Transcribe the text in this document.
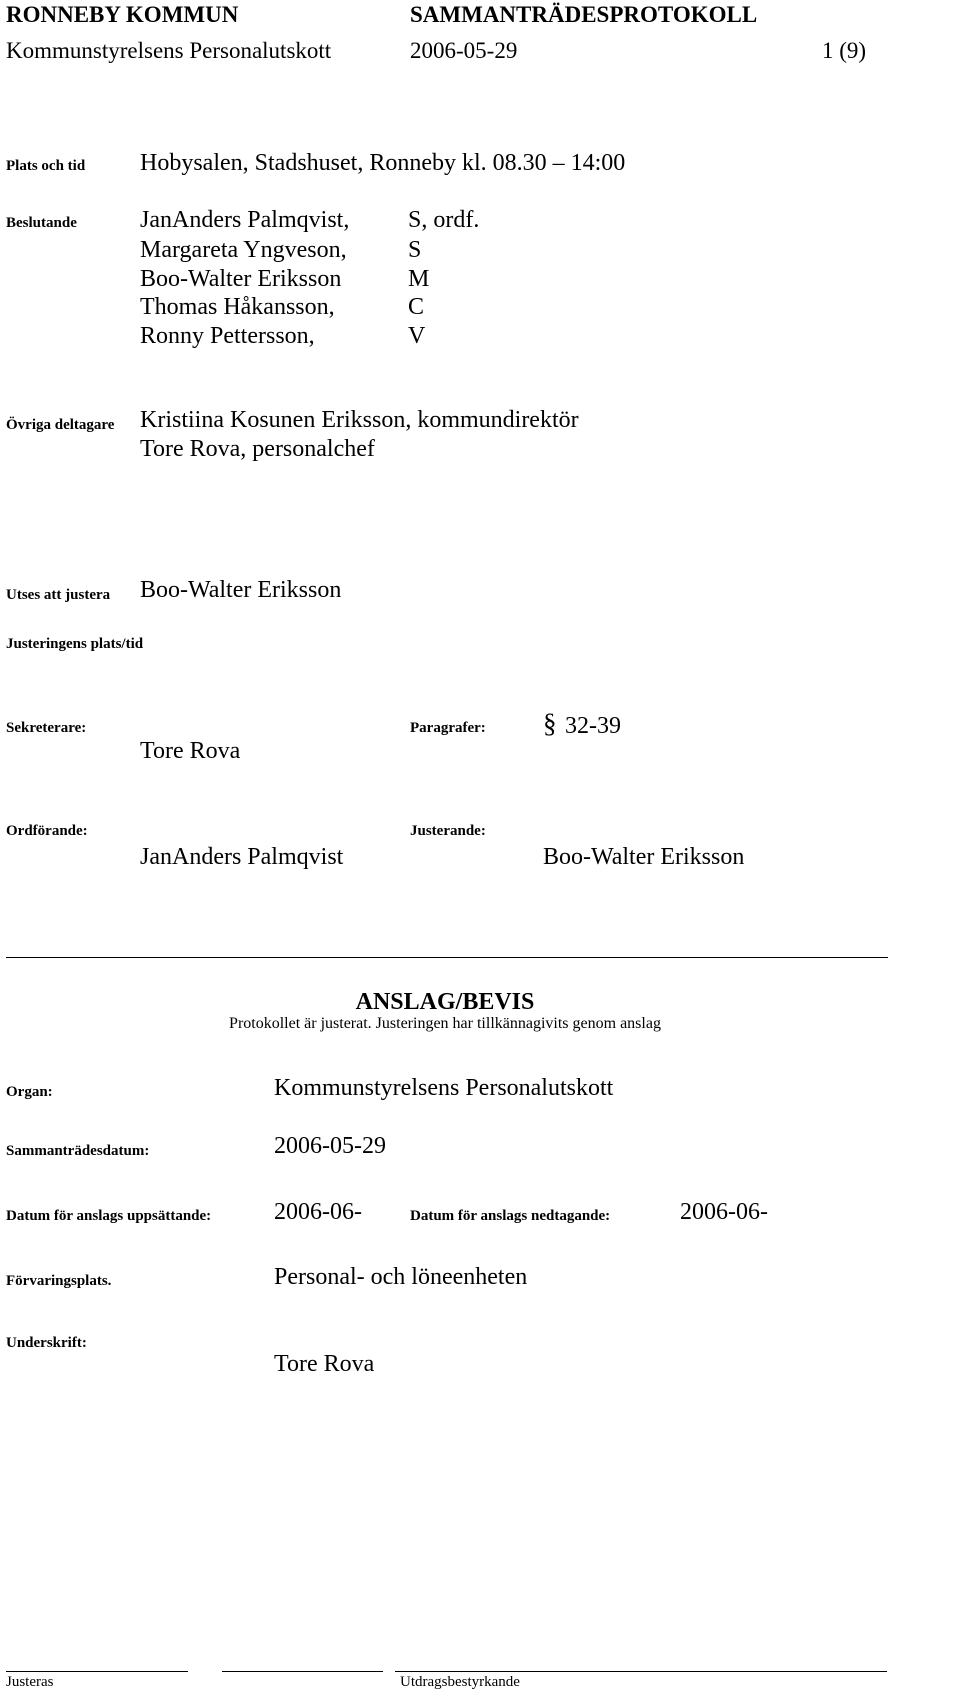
RONNEBY KOMMUN	SAMMANTRÄDESPROTOKOLL
Kommunstyrelsens Personalutskott	2006-05-29	1 (9)
Plats och tid Hobysalen, Stadshuset, Ronneby kl. 08.30 – 14:00
Beslutande	JanAnders Palmqvist, S, ordf.
Margareta Yngveson,	S
Boo-Walter Eriksson	M
Thomas Håkansson,	C
Ronny Pettersson,	V
Övriga deltagare Kristiina Kosunen Eriksson, kommundirektör
Tore Rova, personalchef
Utses att justera Boo-Walter Eriksson
Justeringens plats/tid
Sekreterare:
Tore Rova
Paragrafer: § 32-39
Ordförande:
JanAnders Palmqvist
Justerande:
Boo-Walter Eriksson
ANSLAG/BEVIS
Protokollet är justerat. Justeringen har tillkännagivits genom anslag
Organ:	Kommunstyrelsens Personalutskott
Sammanträdesdatum:	2006-05-29
Datum för anslags uppsättande:	2006-06-	Datum för anslags nedtagande:	2006-06-
Förvaringsplats.	Personal- och löneenheten
Underskrift:
Tore Rova
Justeras	Utdragsbestyrkande
